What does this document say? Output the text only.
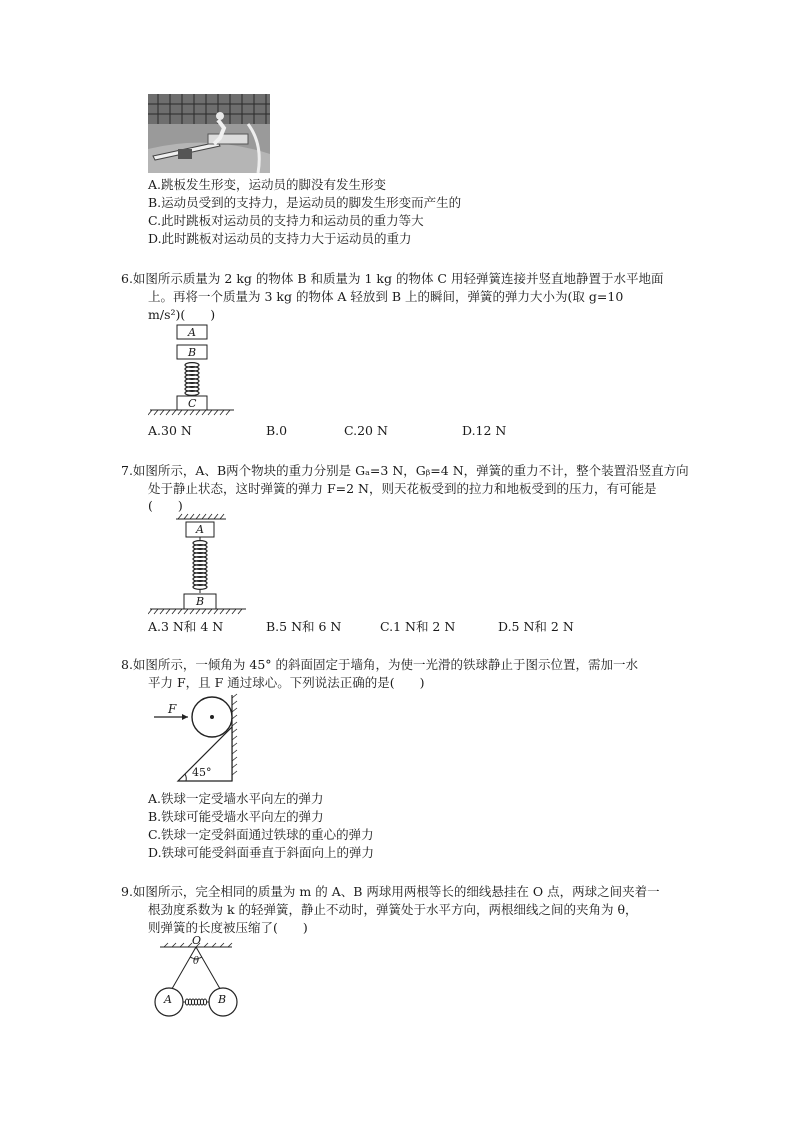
A.跳板发生形变，运动员的脚没有发生形变
B.运动员受到的支持力，是运动员的脚发生形变而产生的
C.此时跳板对运动员的支持力和运动员的重力等大
D.此时跳板对运动员的支持力大于运动员的重力
6.如图所示质量为 2 kg 的物体 B 和质量为 1 kg 的物体 C 用轻弹簧连接并竖直地静置于水平地面
上。再将一个质量为 3 kg 的物体 A 轻放到 B 上的瞬间，弹簧的弹力大小为(取 g=10
m/s²)(　　)
A
B
C
A.30 N	B.0	C.20 N	D.12 N
7.如图所示，A、B两个物块的重力分别是 Gₐ=3 N，Gᵦ=4 N，弹簧的重力不计，整个装置沿竖直方向
处于静止状态，这时弹簧的弹力 F=2 N，则天花板受到的拉力和地板受到的压力，有可能是
(　　)
A
B
A.3 N和 4 N	B.5 N和 6 N	C.1 N和 2 N	D.5 N和 2 N
8.如图所示，一倾角为 45° 的斜面固定于墙角，为使一光滑的铁球静止于图示位置，需加一水
平力 F，且 F 通过球心。下列说法正确的是(　　)
F
45°
A.铁球一定受墙水平向左的弹力
B.铁球可能受墙水平向左的弹力
C.铁球一定受斜面通过铁球的重心的弹力
D.铁球可能受斜面垂直于斜面向上的弹力
9.如图所示，完全相同的质量为 m 的 A、B 两球用两根等长的细线悬挂在 O 点，两球之间夹着一
根劲度系数为 k 的轻弹簧，静止不动时，弹簧处于水平方向，两根细线之间的夹角为 θ，
则弹簧的长度被压缩了(　　)
O
θ
A	B
